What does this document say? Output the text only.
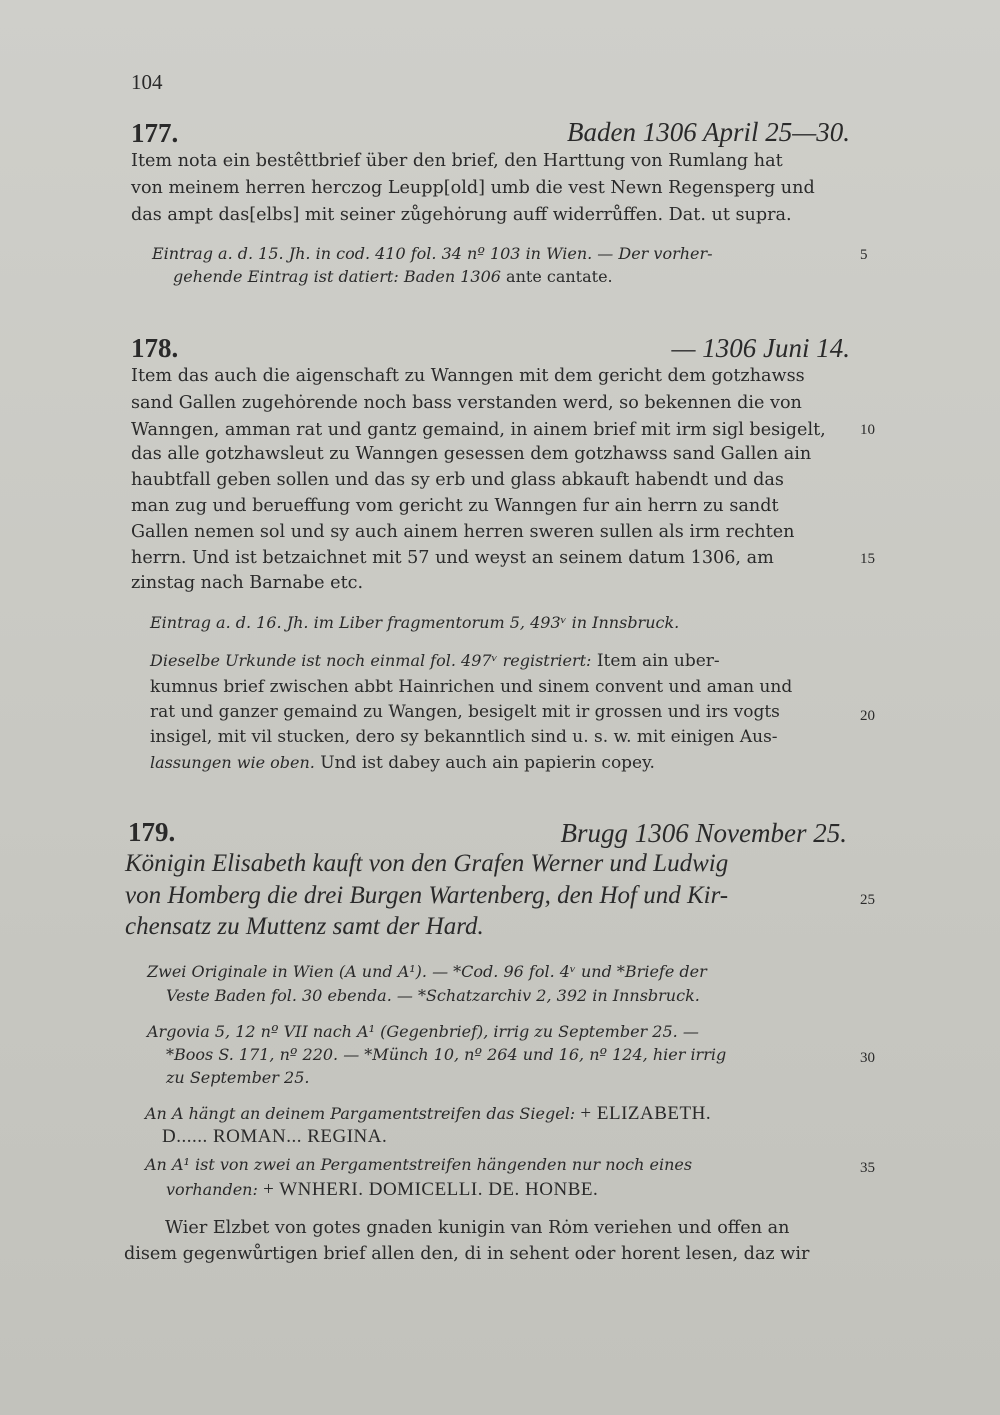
104
177.	Baden 1306 April 25—30.
Item nota ein bestêttbrief über den brief, den Harttung von Rumlang hat
von meinem herren herczog Leupp[old] umb die vest Newn Regensperg und
das ampt das[elbs] mit seiner zůgehȯrung auff widerrůffen. Dat. ut supra.
Eintrag a. d. 15. Jh. in cod. 410 fol. 34 nº 103 in Wien. — Der vorher-
gehende Eintrag ist datiert: Baden 1306 ante cantate.
178.	— 1306 Juni 14.
Item das auch die aigenschaft zu Wanngen mit dem gericht dem gotzhawss
sand Gallen zugehȯrende noch bass verstanden werd, so bekennen die von
Wanngen, amman rat und gantz gemaind, in ainem brief mit irm sigl besigelt,
das alle gotzhawsleut zu Wanngen gesessen dem gotzhawss sand Gallen ain
haubtfall geben sollen und das sy erb und glass abkauft habendt und das
man zug und berueffung vom gericht zu Wanngen fur ain herrn zu sandt
Gallen nemen sol und sy auch ainem herren sweren sullen als irm rechten
herrn. Und ist betzaichnet mit 57 und weyst an seinem datum 1306, am
zinstag nach Barnabe etc.
Eintrag a. d. 16. Jh. im Liber fragmentorum 5, 493ᵛ in Innsbruck.
Dieselbe Urkunde ist noch einmal fol. 497ᵛ registriert: Item ain uber-
kumnus brief zwischen abbt Hainrichen und sinem convent und aman und
rat und ganzer gemaind zu Wangen, besigelt mit ir grossen und irs vogts
insigel, mit vil stucken, dero sy bekanntlich sind u. s. w. mit einigen Aus-
lassungen wie oben. Und ist dabey auch ain papierin copey.
179.	Brugg 1306 November 25.
Königin Elisabeth kauft von den Grafen Werner und Ludwig
von Homberg die drei Burgen Wartenberg, den Hof und Kir-
chensatz zu Muttenz samt der Hard.
Zwei Originale in Wien (A und A¹). — *Cod. 96 fol. 4ᵛ und *Briefe der
Veste Baden fol. 30 ebenda. — *Schatzarchiv 2, 392 in Innsbruck.
Argovia 5, 12 nº VII nach A¹ (Gegenbrief), irrig zu September 25. —
*Boos S. 171, nº 220. — *Münch 10, nº 264 und 16, nº 124, hier irrig
zu September 25.
An A hängt an deinem Pargamentstreifen das Siegel: + ELIZABETH.
D...... ROMAN... REGINA.
An A¹ ist von zwei an Pergamentstreifen hängenden nur noch eines
vorhanden: + WNHERI. DOMICELLI. DE. HONBE.
Wier Elzbet von gotes gnaden kunigin van Rȯm veriehen und offen an
disem gegenwůrtigen brief allen den, di in sehent oder horent lesen, daz wir
5
10
15
20
25
30
35
